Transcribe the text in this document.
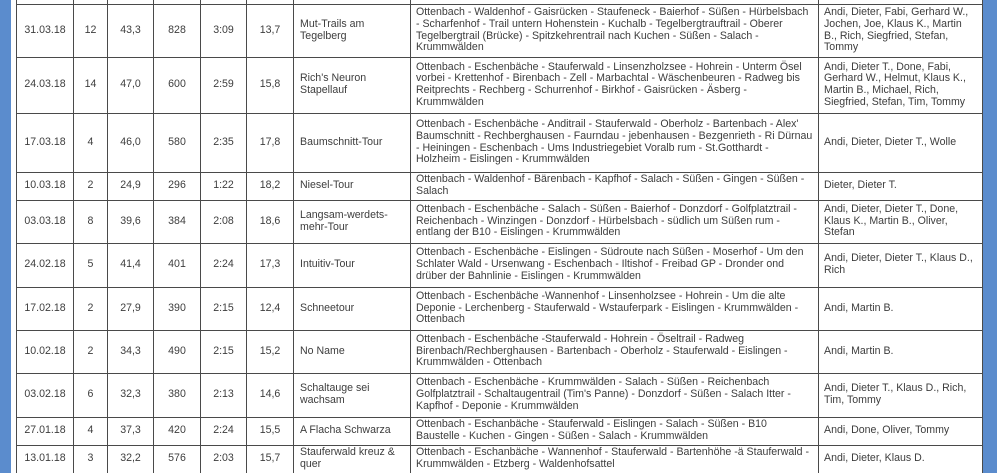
31.03.18	12	43,3	828	3:09	13,7	Mut-Trails am Tegelberg	Ottenbach - Waldenhof - Gaisrücken - Staufeneck - Baierhof - Süßen - Hürbelsbach - Scharfenhof - Trail untern Hohenstein - Kuchalb - Tegelbergtrauftrail - Oberer Tegelbergtrail (Brücke) - Spitzkehrentrail nach Kuchen - Süßen - Salach - Krummwälden	Andi, Dieter, Fabi, Gerhard W., Jochen, Joe, Klaus K., Martin B., Rich, Siegfried, Stefan, Tommy
24.03.18	14	47,0	600	2:59	15,8	Rich's Neuron Stapellauf	Ottenbach - Eschenbäche - Stauferwald - Linsenzholzsee - Hohrein - Unterm Ösel vorbei - Krettenhof - Birenbach - Zell - Marbachtal - Wäschenbeuren - Radweg bis Reitprechts - Rechberg - Schurrenhof - Birkhof - Gaisrücken - Äsberg - Krummwälden	Andi, Dieter T., Done, Fabi, Gerhard W., Helmut, Klaus K., Martin B., Michael, Rich, Siegfried, Stefan, Tim, Tommy
17.03.18	4	46,0	580	2:35	17,8	Baumschnitt-Tour	Ottenbach - Eschenbäche - Anditrail - Stauferwald - Oberholz - Bartenbach - Alex' Baumschnitt - Rechberghausen - Faurndau - jebenhausen - Bezgenrieth - Ri Dürnau - Heiningen - Eschenbach - Ums Industriegebiet Voralb rum - St.Gotthardt - Holzheim - Eislingen - Krummwälden	Andi, Dieter, Dieter T., Wolle
10.03.18	2	24,9	296	1:22	18,2	Niesel-Tour	Ottenbach - Waldenhof - Bärenbach - Kapfhof - Salach - Süßen - Gingen - Süßen - Salach	Dieter, Dieter T.
03.03.18	8	39,6	384	2:08	18,6	Langsam-werdets-mehr-Tour	Ottenbach - Eschenbäche - Salach - Süßen - Baierhof - Donzdorf - Golfplatztrail - Reichenbach - Winzingen - Donzdorf - Hürbelsbach - südlich um Süßen rum - entlang der B10 - Eislingen - Krummwälden	Andi, Dieter, Dieter T., Done, Klaus K., Martin B., Oliver, Stefan
24.02.18	5	41,4	401	2:24	17,3	Intuitiv-Tour	Ottenbach - Eschenbäche - Eislingen - Südroute nach Süßen - Moserhof - Um den Schlater Wald - Ursenwang - Eschenbach - Iltishof - Freibad GP - Dronder ond drüber der Bahnlinie - Eislingen - Krummwälden	Andi, Dieter, Dieter T., Klaus D., Rich
17.02.18	2	27,9	390	2:15	12,4	Schneetour	Ottenbach - Eschenbäche -Wannenhof - Linsenholzsee - Hohrein - Um die alte Deponie - Lerchenberg - Stauferwald - Wstauferpark - Eislingen - Krummwälden - Ottenbach	Andi, Martin B.
10.02.18	2	34,3	490	2:15	15,2	No Name	Ottenbach - Eschenbäche -Stauferwald - Hohrein - Öseltrail - Radweg Birenbach/Rechberghausen - Bartenbach - Oberholz - Stauferwald - Eislingen - Krummwälden - Ottenbach	Andi, Martin B.
03.02.18	6	32,3	380	2:13	14,6	Schaltauge sei wachsam	Ottenbach - Eschenbäche - Krummwälden - Salach - Süßen - Reichenbach Golfplatztrail - Schaltaugentrail (Tim's Panne) - Donzdorf - Süßen - Salach Itter - Kapfhof - Deponie - Krummwälden	Andi, Dieter T., Klaus D., Rich, Tim, Tommy
27.01.18	4	37,3	420	2:24	15,5	A Flacha Schwarza	Ottenbach - Eschanbäche - Stauferwald - Eislingen - Salach - Süßen - B10 Baustelle - Kuchen - Gingen - Süßen - Salach - Krummwälden	Andi, Done, Oliver, Tommy
13.01.18	3	32,2	576	2:03	15,7	Stauferwald kreuz & quer	Ottenbach - Eschanbäche - Wannenhof - Stauferwald - Bartenhöhe -ä Stauferwald - Krummwälden - Etzberg - Waldenhofsattel	Andi, Dieter, Klaus D.
